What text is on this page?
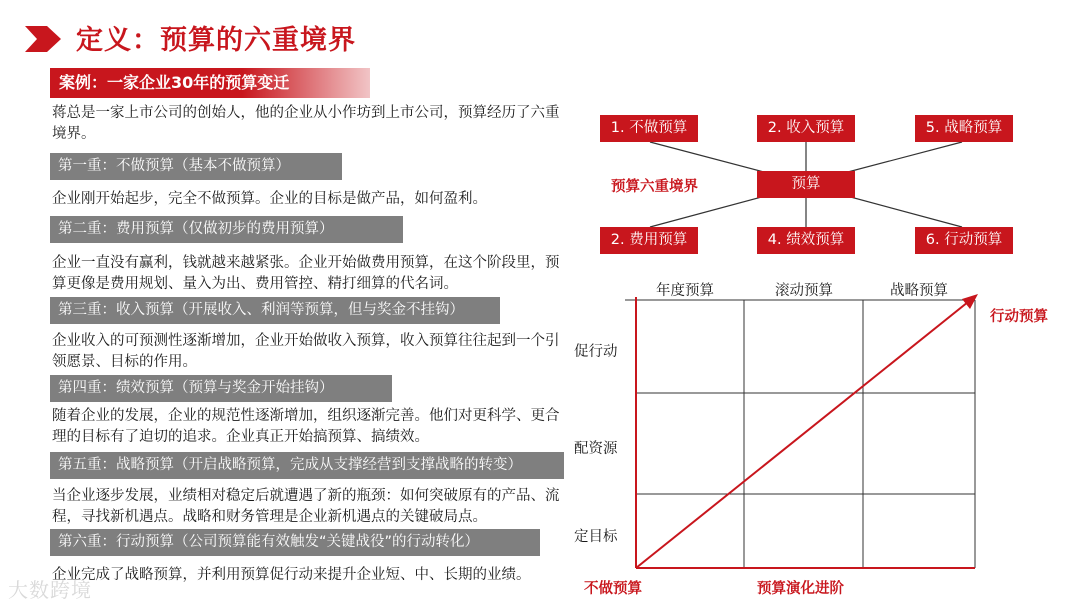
定义：预算的六重境界
案例：一家企业30年的预算变迁
蒋总是一家上市公司的创始人，他的企业从小作坊到上市公司，预算经历了六重境界。
第一重：不做预算（基本不做预算）
企业刚开始起步，完全不做预算。企业的目标是做产品，如何盈利。
第二重：费用预算（仅做初步的费用预算）
企业一直没有赢利，钱就越来越紧张。企业开始做费用预算，在这个阶段里，预算更像是费用规划、量入为出、费用管控、精打细算的代名词。
第三重：收入预算（开展收入、利润等预算，但与奖金不挂钩）
企业收入的可预测性逐渐增加，企业开始做收入预算，收入预算往往起到一个引领愿景、目标的作用。
第四重：绩效预算（预算与奖金开始挂钩）
随着企业的发展，企业的规范性逐渐增加，组织逐渐完善。他们对更科学、更合理的目标有了迫切的追求。企业真正开始搞预算、搞绩效。
第五重：战略预算（开启战略预算，完成从支撑经营到支撑战略的转变）
当企业逐步发展，业绩相对稳定后就遭遇了新的瓶颈：如何突破原有的产品、流程，寻找新机遇点。战略和财务管理是企业新机遇点的关键破局点。
第六重：行动预算（公司预算能有效触发“关键战役”的行动转化）
企业完成了战略预算，并利用预算促行动来提升企业短、中、长期的业绩。
1. 不做预算	2. 收入预算	5. 战略预算
预算
预算六重境界
2. 费用预算	4. 绩效预算	6. 行动预算
年度预算	滚动预算	战略预算
促行动
配资源
定目标
不做预算	预算演化进阶
行动预算
大数跨境
